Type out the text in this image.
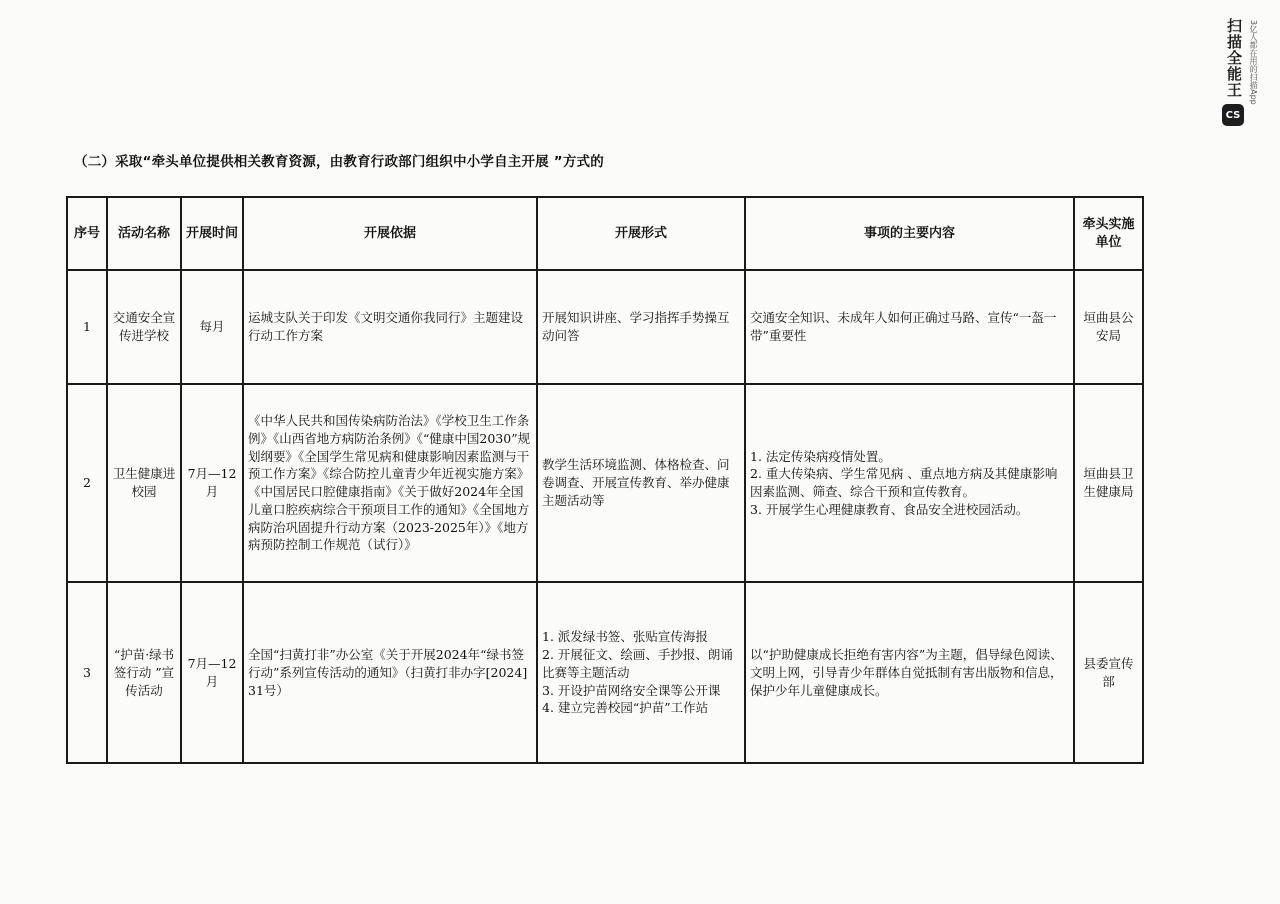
CS
扫描全能王 3亿人都在用的扫描App
（二）采取“牵头单位提供相关教育资源，由教育行政部门组织中小学自主开展 ”方式的
序号	活动名称	开展时间	开展依据	开展形式	事项的主要内容	牵头实施单位
1	交通安全宣传进学校	每月	运城支队关于印发《文明交通你我同行》主题建设行动工作方案	开展知识讲座、学习指挥手势操互动问答	交通安全知识、未成年人如何正确过马路、宣传“一盔一带”重要性	垣曲县公安局
2	卫生健康进校园	7月—12月	《中华人民共和国传染病防治法》《学校卫生工作条例》《山西省地方病防治条例》《“健康中国2030”规划纲要》《全国学生常见病和健康影响因素监测与干预工作方案》《综合防控儿童青少年近视实施方案》《中国居民口腔健康指南》《关于做好2024年全国儿童口腔疾病综合干预项目工作的通知》《全国地方病防治巩固提升行动方案（2023-2025年）》《地方病预防控制工作规范（试行）》	教学生活环境监测、体格检查、问卷调查、开展宣传教育、举办健康主题活动等	1. 法定传染病疫情处置。
2. 重大传染病、学生常见病 、重点地方病及其健康影响因素监测、筛查、综合干预和宣传教育。
3. 开展学生心理健康教育、食品安全进校园活动。	垣曲县卫生健康局
3	“护苗·绿书签行动 ”宣传活动	7月—12月	全国“扫黄打非”办公室《关于开展2024年“绿书签行动”系列宣传活动的通知》（扫黄打非办字[2024]31号）	1. 派发绿书签、张贴宣传海报
2. 开展征文、绘画、手抄报、朗诵比赛等主题活动
3. 开设护苗网络安全课等公开课
4. 建立完善校园“护苗”工作站	以“护助健康成长拒绝有害内容”为主题，倡导绿色阅读、文明上网，引导青少年群体自觉抵制有害出版物和信息，保护少年儿童健康成长。	县委宣传部
